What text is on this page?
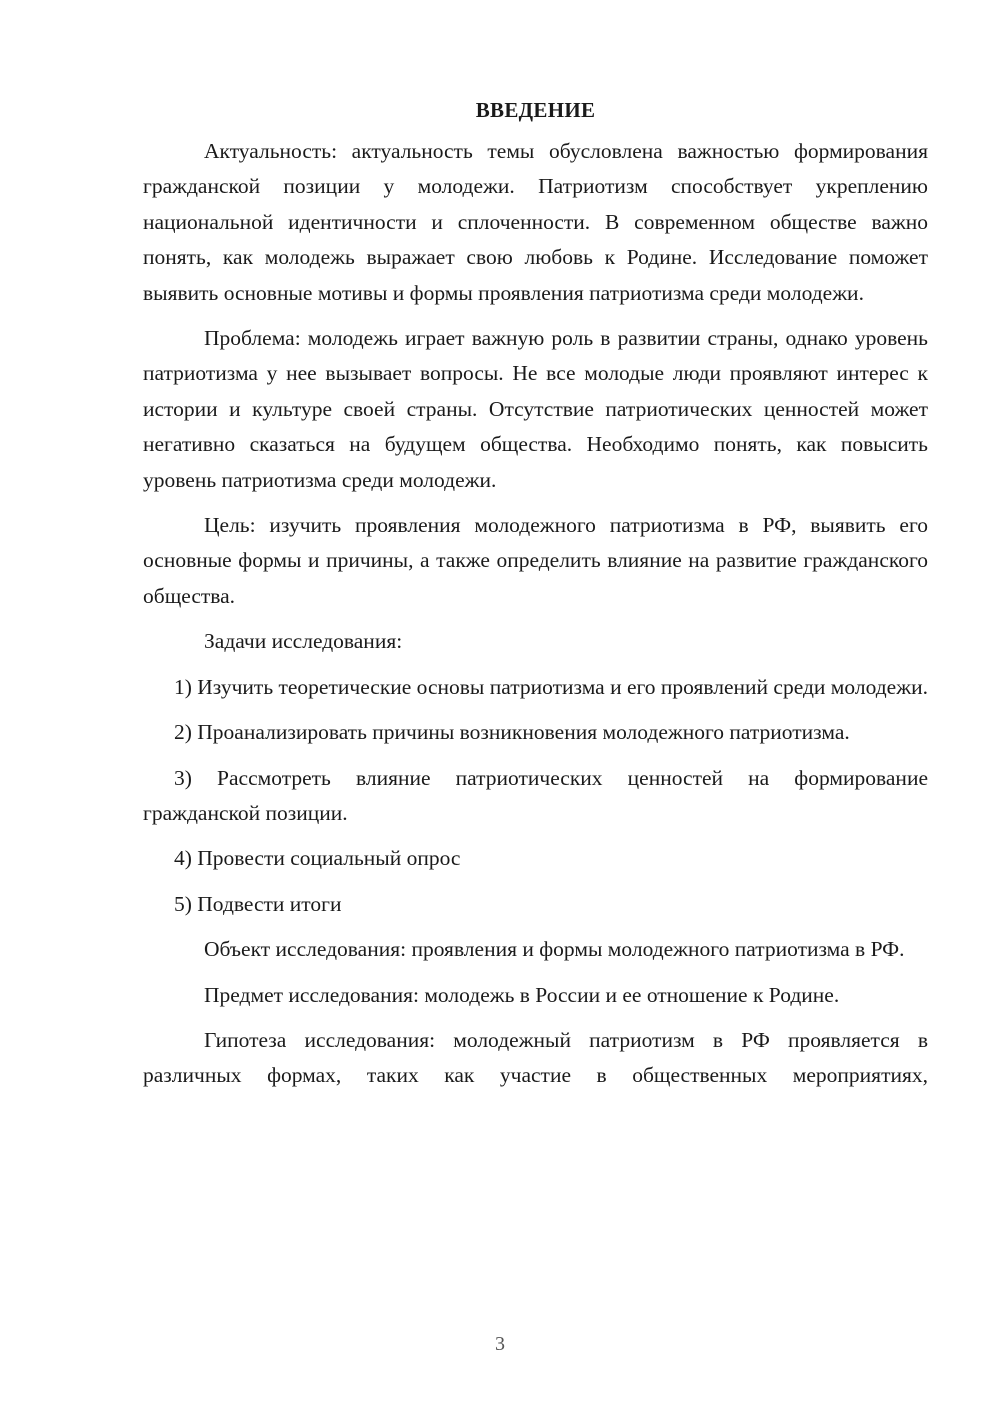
ВВЕДЕНИЕ

Актуальность: актуальность темы обусловлена важностью формирования гражданской позиции у молодежи. Патриотизм способствует укреплению национальной идентичности и сплоченности. В современном обществе важно понять, как молодежь выражает свою любовь к Родине. Исследование поможет выявить основные мотивы и формы проявления патриотизма среди молодежи.

Проблема: молодежь играет важную роль в развитии страны, однако уровень патриотизма у нее вызывает вопросы. Не все молодые люди проявляют интерес к истории и культуре своей страны. Отсутствие патриотических ценностей может негативно сказаться на будущем общества. Необходимо понять, как повысить уровень патриотизма среди молодежи.

Цель: изучить проявления молодежного патриотизма в РФ, выявить его основные формы и причины, а также определить влияние на развитие гражданского общества.

Задачи исследования:

1) Изучить теоретические основы патриотизма и его проявлений среди молодежи.

2) Проанализировать причины возникновения молодежного патриотизма.

3) Рассмотреть влияние патриотических ценностей на формирование гражданской позиции.

4) Провести социальный опрос

5) Подвести итоги

Объект исследования: проявления и формы молодежного патриотизма в РФ.

Предмет исследования: молодежь в России и ее отношение к Родине.

Гипотеза исследования: молодежный патриотизм в РФ проявляется в различных формах, таких как участие в общественных мероприятиях,

3
